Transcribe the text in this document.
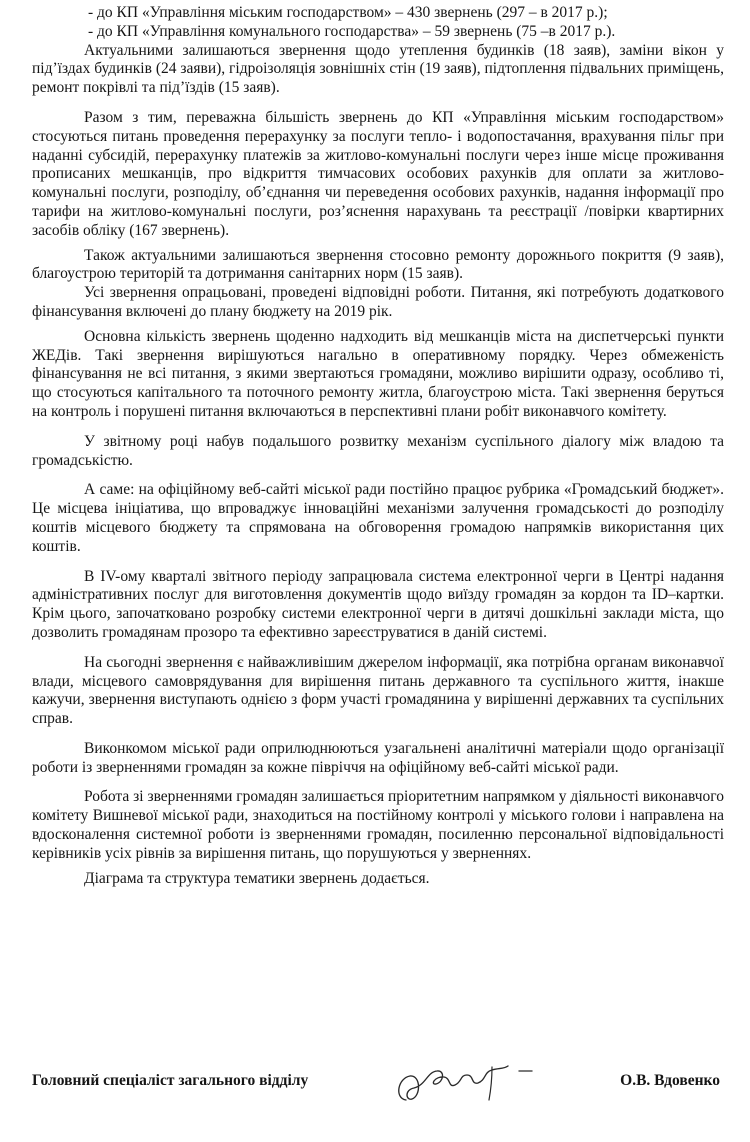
- до КП «Управління міським господарством» – 430 звернень (297 – в 2017 р.);

- до КП «Управління комунального господарства» – 59 звернень (75 –в 2017 р.).

Актуальними залишаються звернення щодо утеплення будинків (18 заяв), заміни вікон у під’їздах будинків (24 заяви), гідроізоляція зовнішніх стін (19 заяв), підтоплення підвальних приміщень, ремонт покрівлі та під’їздів (15 заяв).

Разом з тим, переважна більшість звернень до КП «Управління міським господарством» стосуються питань проведення перерахунку за послуги тепло- і водопостачання, врахування пільг при наданні субсидій, перерахунку платежів за житлово-комунальні послуги через інше місце проживання прописаних мешканців, про відкриття тимчасових особових рахунків для оплати за житлово-комунальні послуги, розподілу, об’єднання чи переведення особових рахунків, надання інформації про тарифи на житлово-комунальні послуги, роз’яснення нарахувань та реєстрації /повірки квартирних засобів обліку (167 звернень).

Також актуальними залишаються звернення стосовно ремонту дорожнього покриття (9 заяв), благоустрою територій та дотримання санітарних норм (15 заяв).

Усі звернення опрацьовані, проведені відповідні роботи. Питання, які потребують додаткового фінансування включені до плану бюджету на 2019 рік.

Основна кількість звернень щоденно надходить від мешканців міста на диспетчерські пункти ЖЕДів. Такі звернення вирішуються нагально в оперативному порядку. Через обмеженість фінансування не всі питання, з якими звертаються громадяни, можливо вирішити одразу, особливо ті, що стосуються капітального та поточного ремонту житла, благоустрою міста. Такі звернення беруться на контроль і порушені питання включаються в перспективні плани робіт виконавчого комітету.

У звітному році набув подальшого розвитку механізм суспільного діалогу між владою та громадськістю.

А саме: на офіційному веб-сайті міської ради постійно працює рубрика «Громадський бюджет». Це місцева ініціатива, що впроваджує інноваційні механізми залучення громадськості до розподілу коштів місцевого бюджету та спрямована на обговорення громадою напрямків використання цих коштів.

В IV-ому кварталі звітного періоду запрацювала система електронної черги в Центрі надання адміністративних послуг для виготовлення документів щодо виїзду громадян за кордон та ID–картки. Крім цього, започатковано розробку системи електронної черги в дитячі дошкільні заклади міста, що дозволить громадянам прозоро та ефективно зареєструватися в даній системі.

На сьогодні звернення є найважливішим джерелом інформації, яка потрібна органам виконавчої влади, місцевого самоврядування для вирішення питань державного та суспільного життя, інакше кажучи, звернення виступають однією з форм участі громадянина у вирішенні державних та суспільних справ.

Виконкомом міської ради оприлюднюються узагальнені аналітичні матеріали щодо організації роботи із зверненнями громадян за кожне півріччя на офіційному веб-сайті міської ради.

Робота зі зверненнями громадян залишається пріоритетним напрямком у діяльності виконавчого комітету Вишневої міської ради, знаходиться на постійному контролі у міського голови і направлена на вдосконалення системної роботи із зверненнями громадян, посиленню персональної відповідальності керівників усіх рівнів за вирішення питань, що порушуються у зверненнях.

Діаграма та структура тематики звернень додається.

Головний спеціаліст загального відділу	О.В. Вдовенко
